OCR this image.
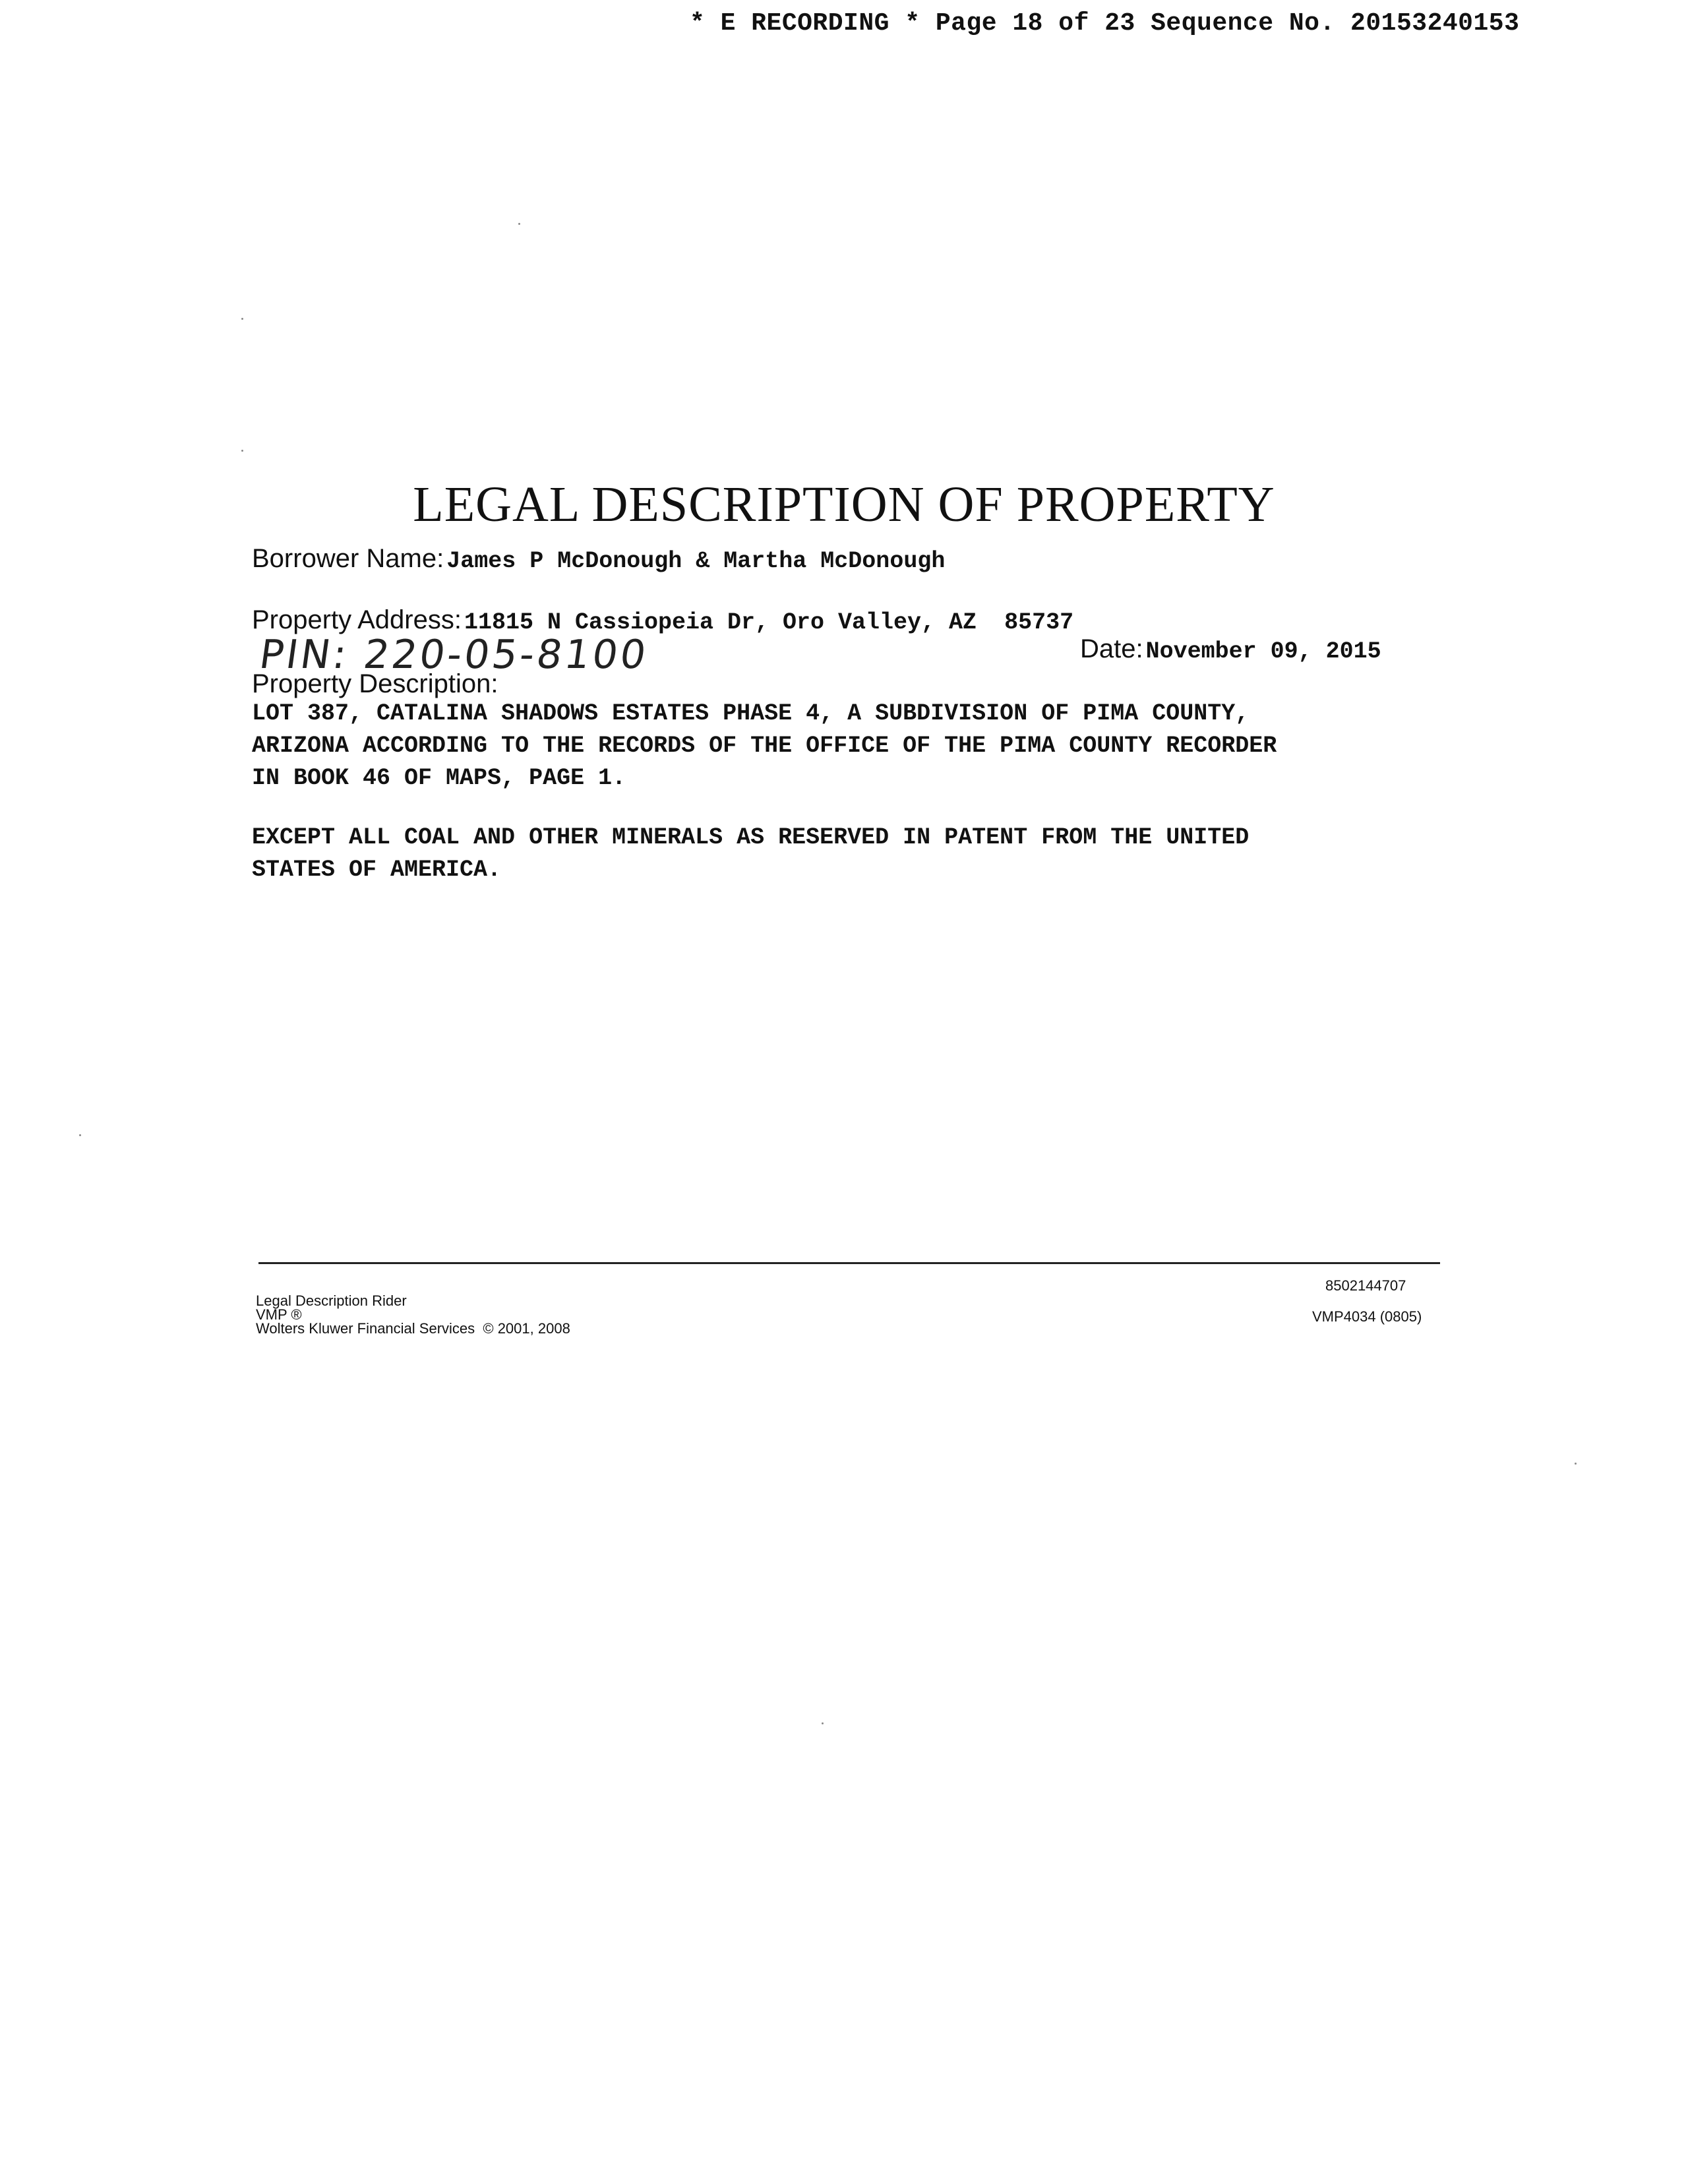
* E RECORDING * Page 18 of 23 Sequence No. 20153240153
LEGAL DESCRIPTION OF PROPERTY
Borrower Name: James P McDonough & Martha McDonough
Property Address: 11815 N Cassiopeia Dr, Oro Valley, AZ  85737
PIN: 220-05-8100	Date: November 09, 2015
Property Description:
LOT 387, CATALINA SHADOWS ESTATES PHASE 4, A SUBDIVISION OF PIMA COUNTY,
ARIZONA ACCORDING TO THE RECORDS OF THE OFFICE OF THE PIMA COUNTY RECORDER
IN BOOK 46 OF MAPS, PAGE 1.
EXCEPT ALL COAL AND OTHER MINERALS AS RESERVED IN PATENT FROM THE UNITED
STATES OF AMERICA.
Legal Description Rider
VMP ®
Wolters Kluwer Financial Services  © 2001, 2008
8502144707
VMP4034 (0805)
